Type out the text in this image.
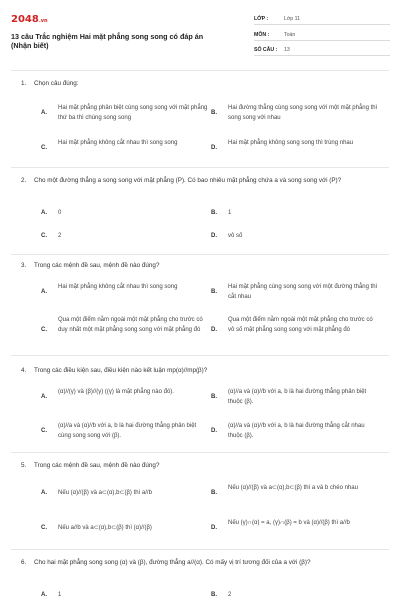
2048.vn
13 câu Trắc nghiệm Hai mặt phẳng song song có đáp án (Nhận biết)
LỚP :	Lớp 11
MÔN :	Toán
SỐ CÂU : 13
1. Chọn câu đúng:
A.
Hai mặt phẳng phân biệt cùng song song với mặt phẳng thứ ba thì chúng song song
B.
Hai đường thẳng cùng song song với một mặt phẳng thì song song với nhau
C.
Hai mặt phẳng không cắt nhau thì song song
D.
Hai mặt phẳng không song song thì trùng nhau
2. Cho một đường thẳng a song song với mặt phẳng (P). Có bao nhiêu mặt phẳng chứa a và song song với (P)?
A. 0	B. 1
C. 2	D. vô số
3. Trong các mệnh đề sau, mệnh đề nào đúng?
A.
Hai mặt phẳng không cắt nhau thì song song
B.
Hai mặt phẳng cùng song song với một đường thẳng thì cắt nhau
C.
Qua một điểm nằm ngoài một mặt phẳng cho trước có duy nhất một mặt phẳng song song với mặt phẳng đó	D.
Qua một điểm nằm ngoài một mặt phẳng cho trước có vô số mặt phẳng song song với mặt phẳng đó
4. Trong các điều kiện sau, điều kiện nào kết luận mp(α)//mp(β)?
A.
(α)//(γ) và (β)//(γ) ((γ) là mặt phẳng nào đó).
B.
(α)//a và (α)//b với a, b là hai đường thẳng phân biệt thuộc (β).
C.
(α)//a và (α)//b với a, b là hai đường thẳng phân biệt cùng song song với (β).
D.
(α)//a và (α)//b với a, b là hai đường thẳng cắt nhau thuộc (β).
5. Trong các mệnh đề sau, mệnh đề nào đúng?
A. Nếu (α)//(β) và a⊂(α),b⊂(β) thì a//b	B.
Nếu (α)//(β) và a⊂(α),b⊂(β) thì a và b chéo nhau
C. Nếu a//b và a⊂(α),b⊂(β) thì (α)//(β)	D.
Nếu (γ)∩(α) = a, (γ)∩(β) = b và (α)//(β) thì a//b
6. Cho hai mặt phẳng song song (α) và (β), đường thẳng a//(α). Có mấy vị trí tương đối của a với (β)?
A. 1	B. 2
